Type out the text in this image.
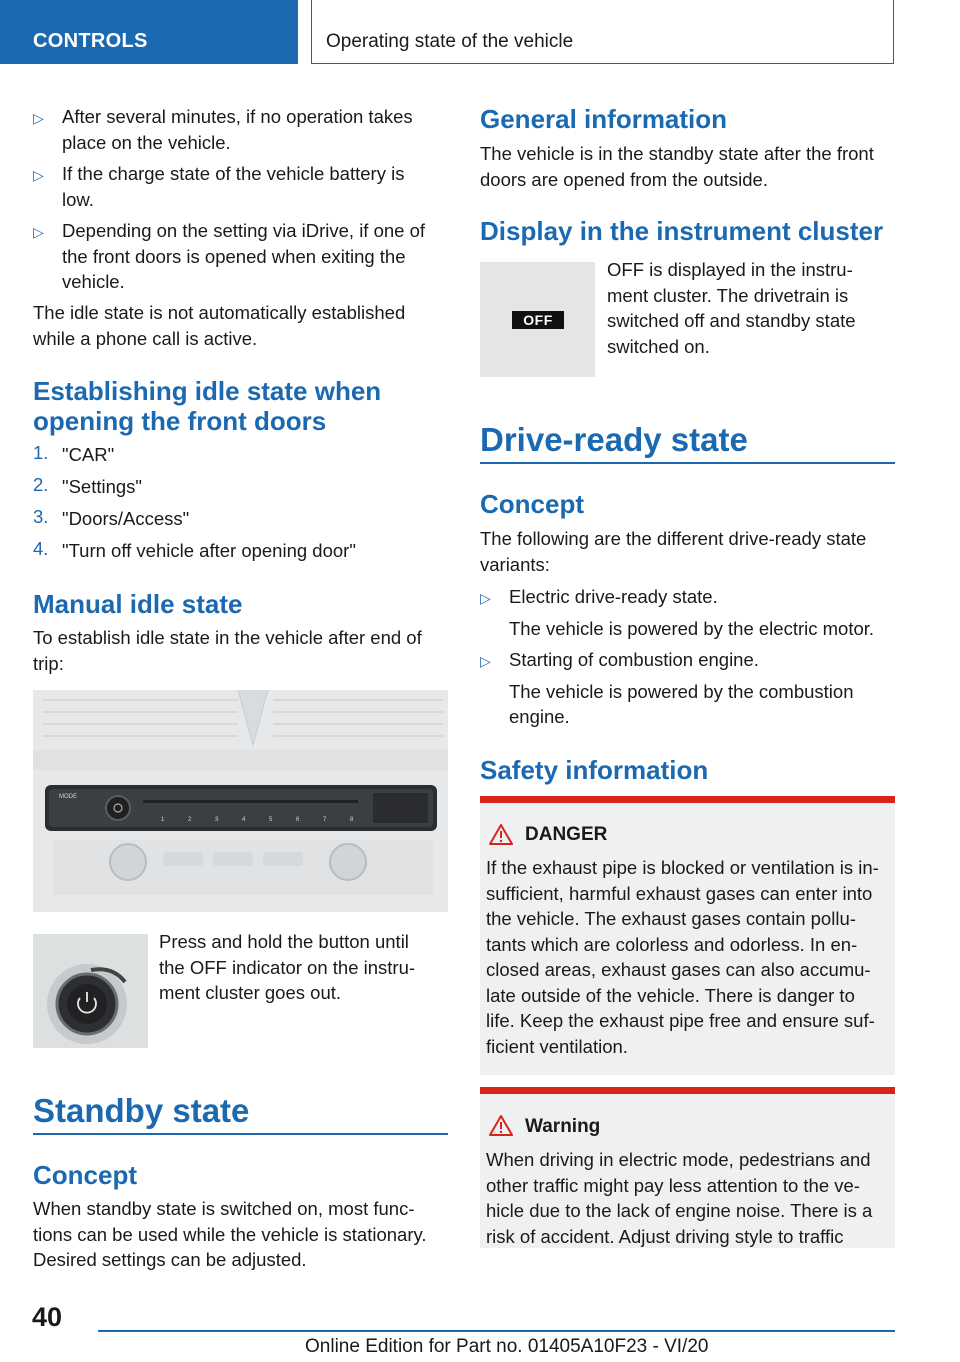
CONTROLS	Operating state of the vehicle
▷ After several minutes, if no operation takes
place on the vehicle.
▷ If the charge state of the vehicle battery is
low.
▷ Depending on the setting via iDrive, if one of
the front doors is opened when exiting the
vehicle.
The idle state is not automatically established
while a phone call is active.
Establishing idle state when
opening the front doors
1. "CAR"
2. "Settings"
3. "Doors/Access"
4. "Turn off vehicle after opening door"
Manual idle state
To establish idle state in the vehicle after end of
trip:
MODE
1	2	3	4	5	6	7	8
Press and hold the button until
the OFF indicator on the instru-
ment cluster goes out.
Standby state
Concept
When standby state is switched on, most func-
tions can be used while the vehicle is stationary.
Desired settings can be adjusted.
General information
The vehicle is in the standby state after the front
doors are opened from the outside.
Display in the instrument cluster
OFF
OFF is displayed in the instru-
ment cluster. The drivetrain is
switched off and standby state
switched on.
Drive-ready state
Concept
The following are the different drive-ready state
variants:
▷ Electric drive-ready state.
The vehicle is powered by the electric motor.
▷ Starting of combustion engine.
The vehicle is powered by the combustion
engine.
Safety information
DANGER
If the exhaust pipe is blocked or ventilation is in-
sufficient, harmful exhaust gases can enter into
the vehicle. The exhaust gases contain pollu-
tants which are colorless and odorless. In en-
closed areas, exhaust gases can also accumu-
late outside of the vehicle. There is danger to
life. Keep the exhaust pipe free and ensure suf-
ficient ventilation.
Warning
When driving in electric mode, pedestrians and
other traffic might pay less attention to the ve-
hicle due to the lack of engine noise. There is a
risk of accident. Adjust driving style to traffic
40
Online Edition for Part no. 01405A10F23 - VI/20
